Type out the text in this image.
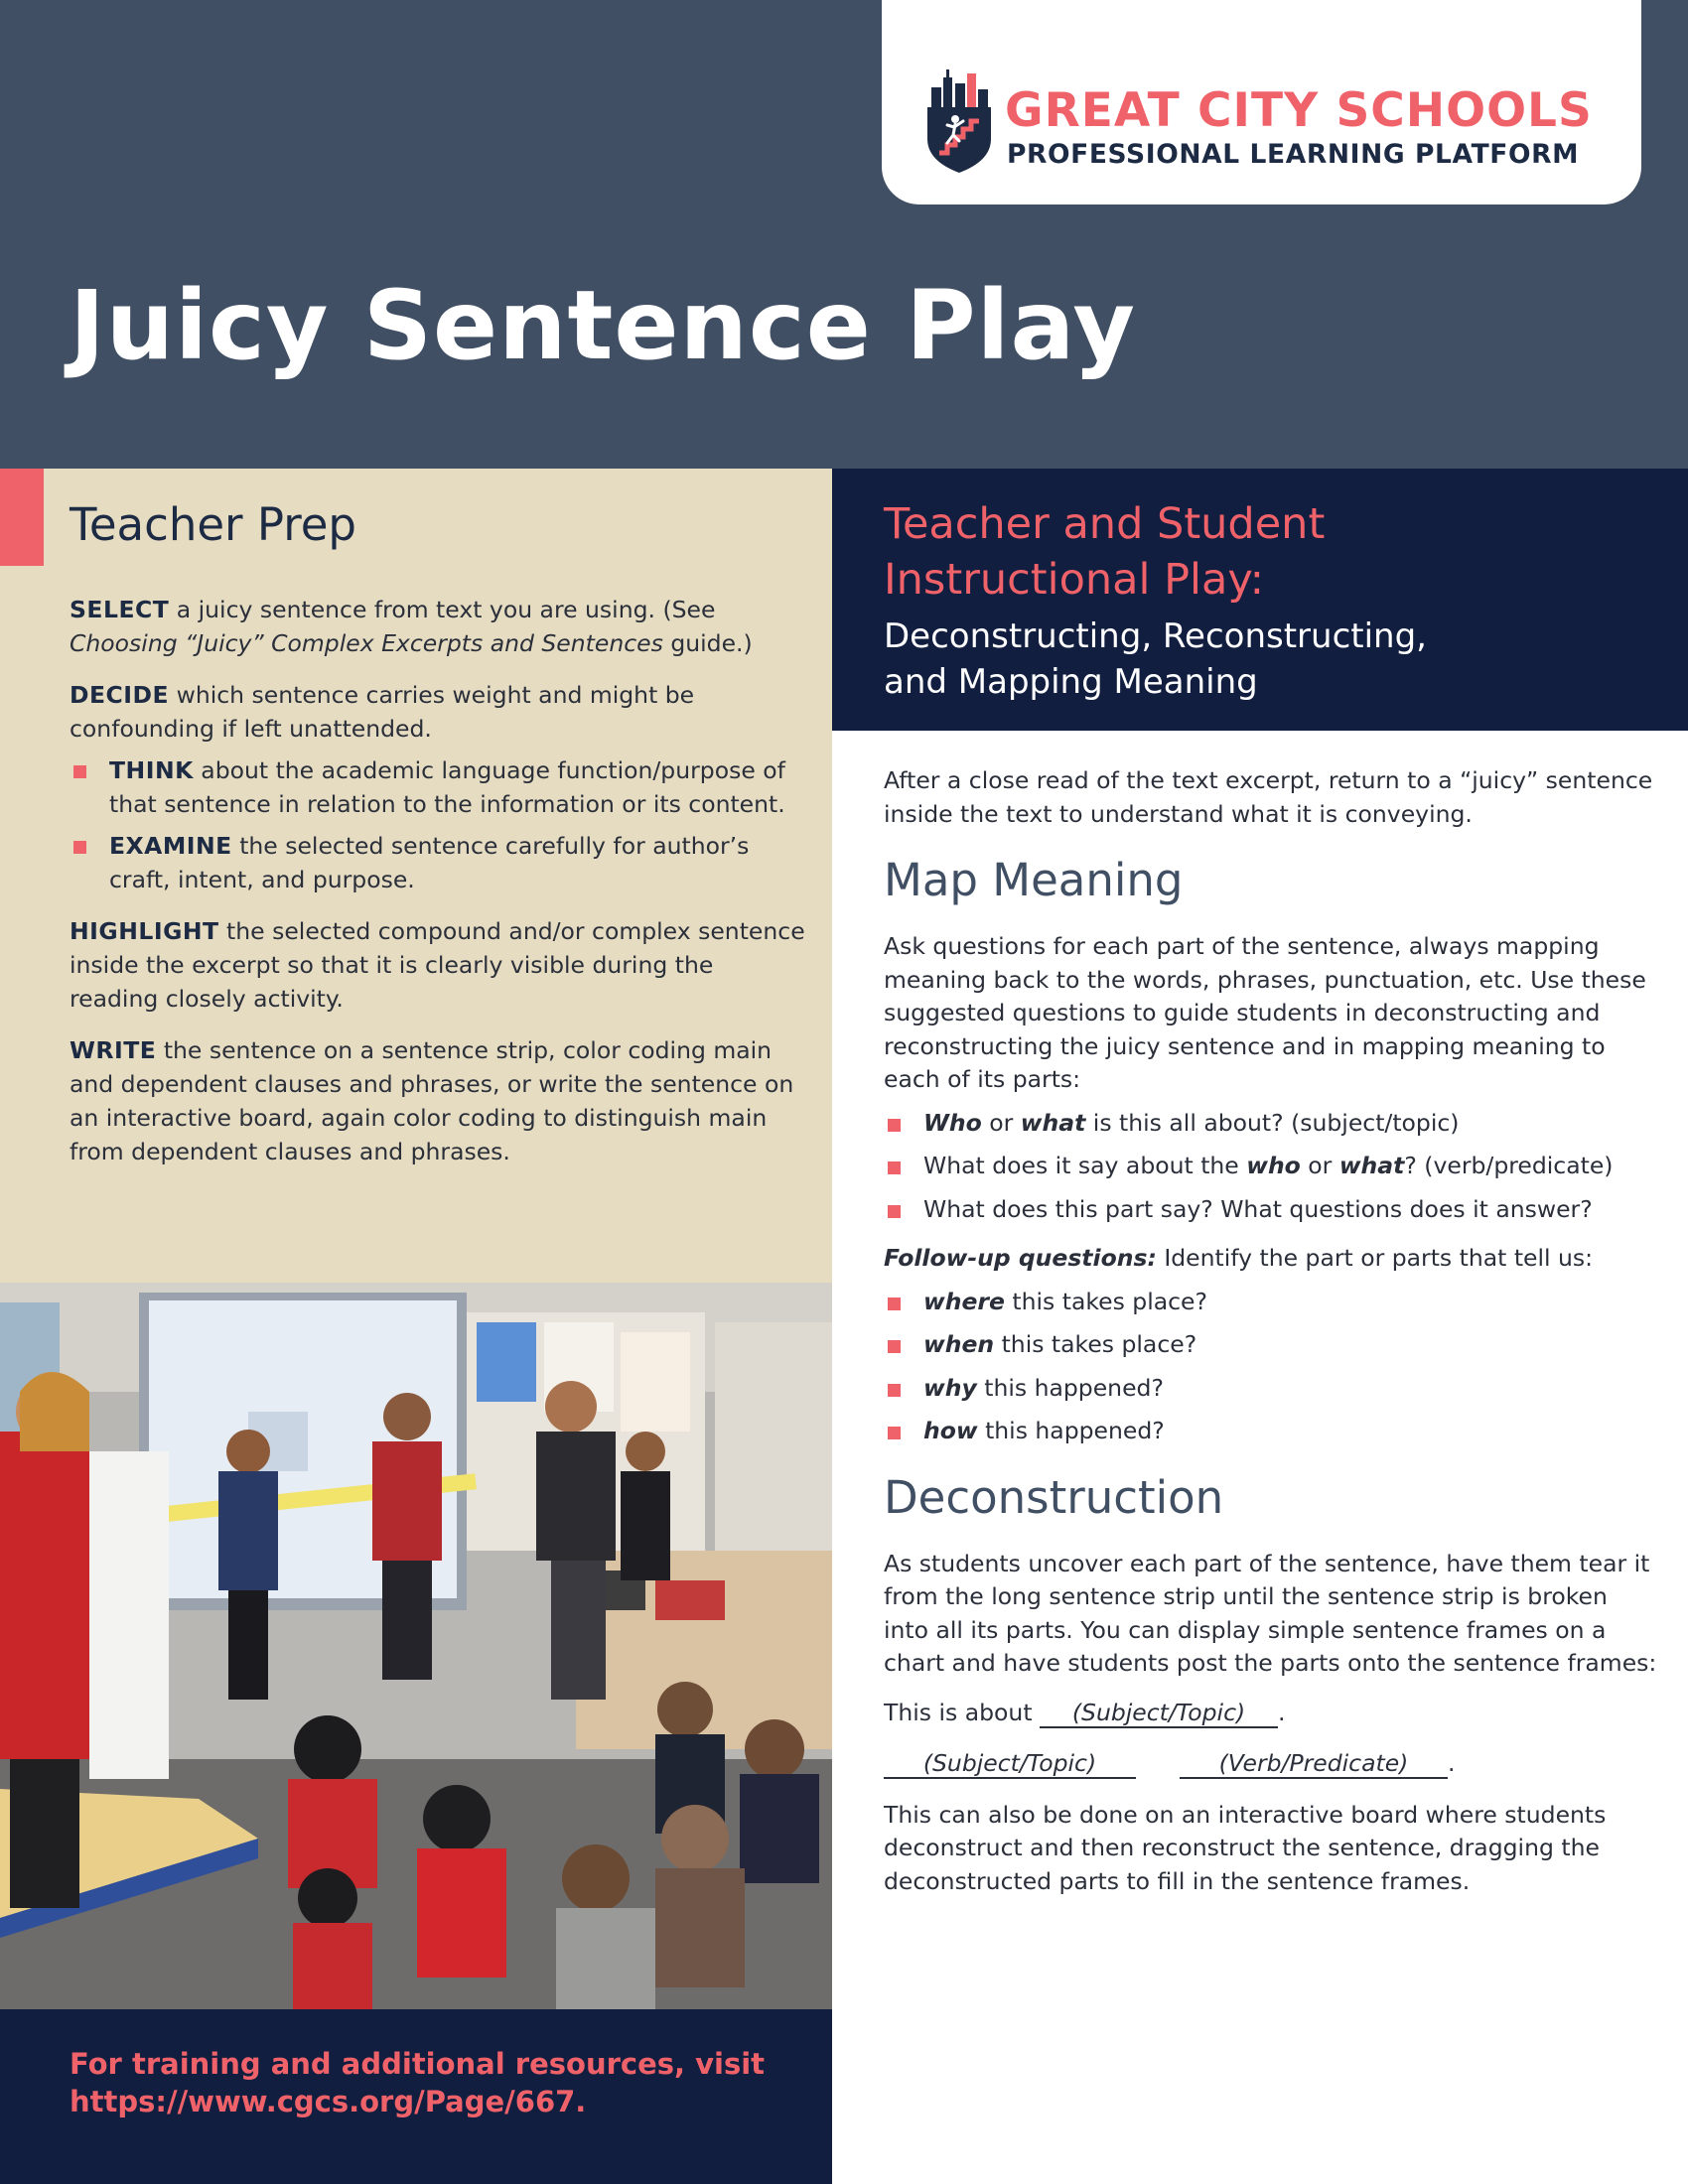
GREAT CITY SCHOOLS
PROFESSIONAL LEARNING PLATFORM
Juicy Sentence Play
Teacher Prep

SELECT a juicy sentence from text you are using. (See Choosing “Juicy” Complex Excerpts and Sentences guide.)

DECIDE which sentence carries weight and might be confounding if left unattended.

THINK about the academic language function/purpose of that sentence in relation to the information or its content.
EXAMINE the selected sentence carefully for author’s craft, intent, and purpose.

HIGHLIGHT the selected compound and/or complex sentence inside the excerpt so that it is clearly visible during the reading closely activity.

WRITE the sentence on a sentence strip, color coding main and dependent clauses and phrases, or write the sentence on an interactive board, again color coding to distinguish main from dependent clauses and phrases.

For training and additional resources, visit
https://www.cgcs.org/Page/667.
Teacher and Student
Instructional Play:
Deconstructing, Reconstructing,
and Mapping Meaning

After a close read of the text excerpt, return to a “juicy” sentence inside the text to understand what it is conveying.

Map Meaning

Ask questions for each part of the sentence, always mapping meaning back to the words, phrases, punctuation, etc. Use these suggested questions to guide students in deconstructing and reconstructing the juicy sentence and in mapping meaning to each of its parts:

Who or what is this all about? (subject/topic)
What does it say about the who or what? (verb/predicate)
What does this part say? What questions does it answer?

Follow-up questions: Identify the part or parts that tell us:

where this takes place?
when this takes place?
why this happened?
how this happened?
Deconstruction

As students uncover each part of the sentence, have them tear it from the long sentence strip until the sentence strip is broken into all its parts. You can display simple sentence frames on a chart and have students post the parts onto the sentence frames:

This is about (Subject/Topic) .
(Subject/Topic)	(Verb/Predicate) .

This can also be done on an interactive board where students deconstruct and then reconstruct the sentence, dragging the deconstructed parts to fill in the sentence frames.
